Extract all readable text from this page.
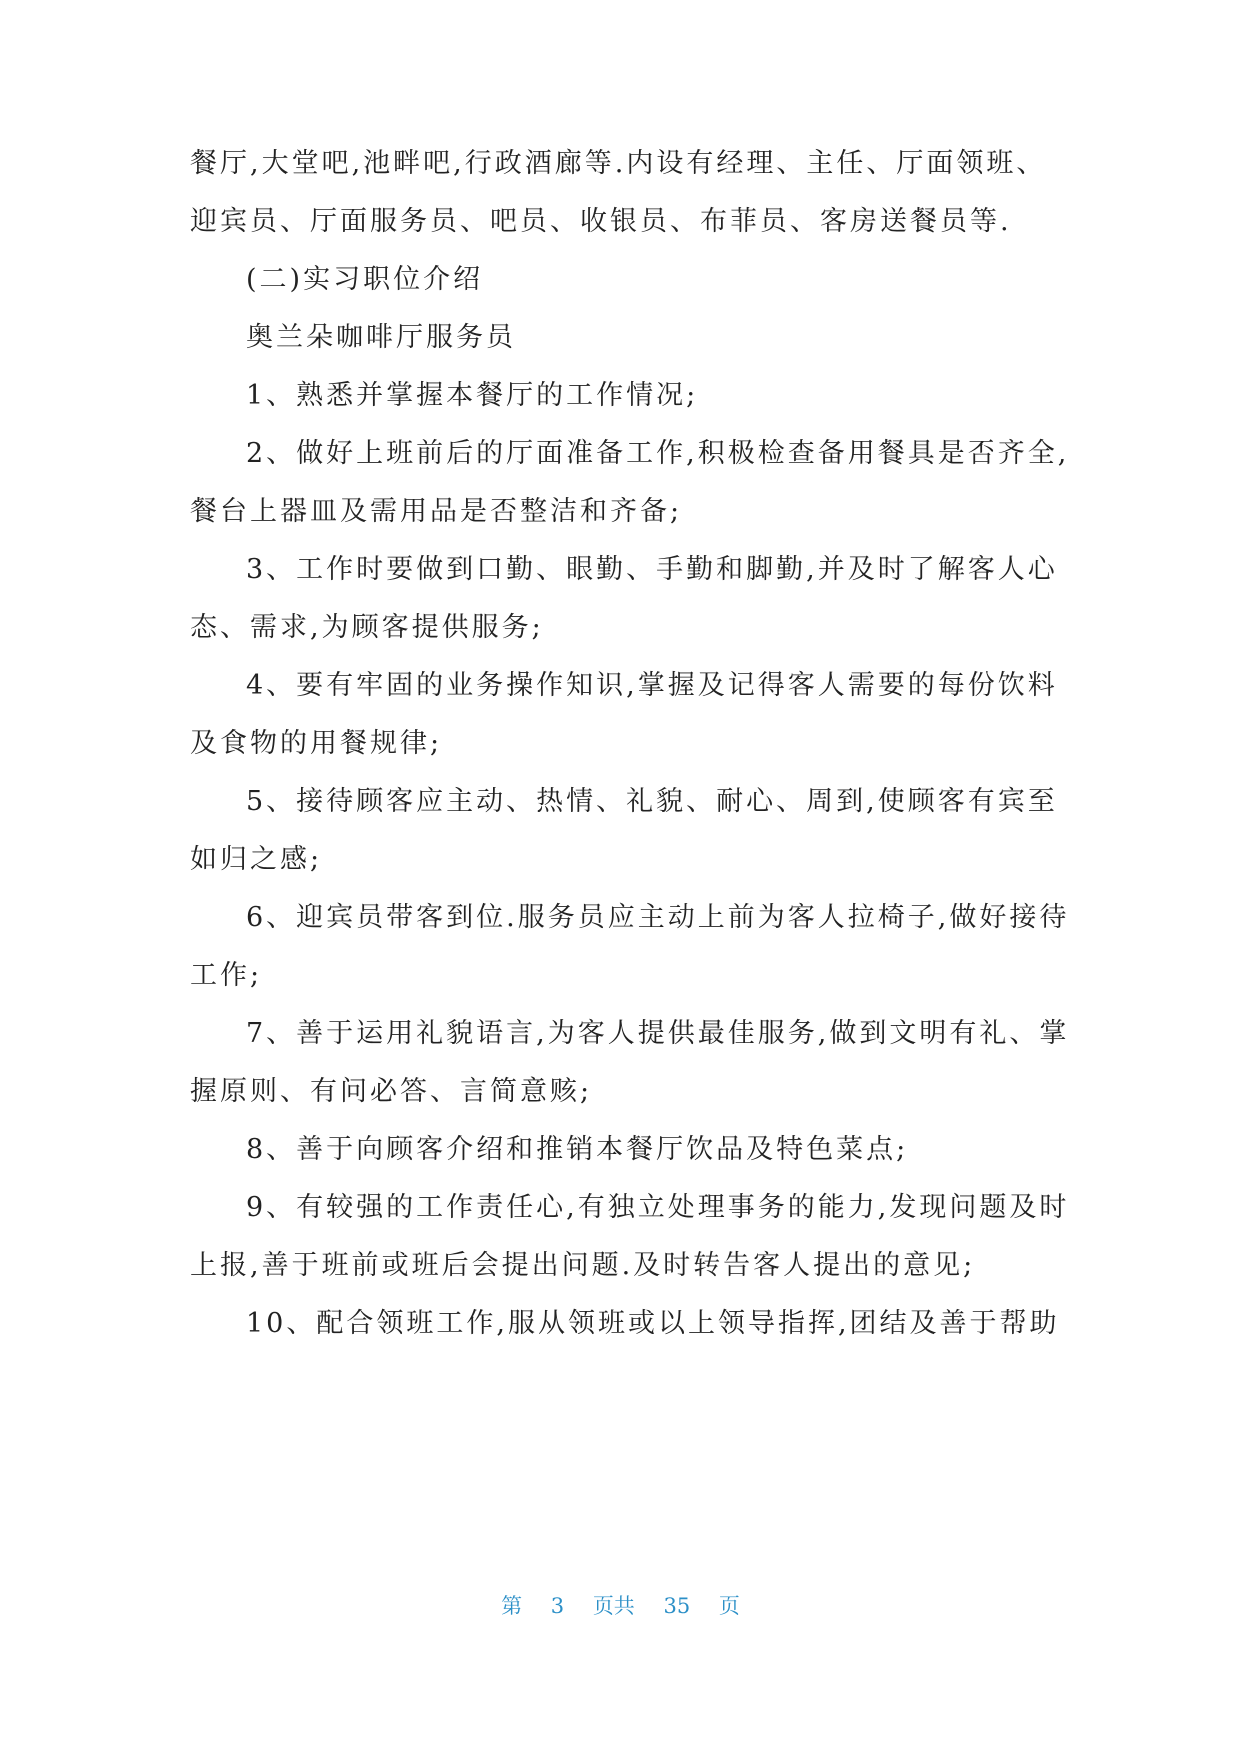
餐厅,大堂吧,池畔吧,行政酒廊等.内设有经理、主任、厅面领班、
迎宾员、厅面服务员、吧员、收银员、布菲员、客房送餐员等.
(二)实习职位介绍
奥兰朵咖啡厅服务员
1、熟悉并掌握本餐厅的工作情况;
2、做好上班前后的厅面准备工作,积极检查备用餐具是否齐全,
餐台上器皿及需用品是否整洁和齐备;
3、工作时要做到口勤、眼勤、手勤和脚勤,并及时了解客人心
态、需求,为顾客提供服务;
4、要有牢固的业务操作知识,掌握及记得客人需要的每份饮料
及食物的用餐规律;
5、接待顾客应主动、热情、礼貌、耐心、周到,使顾客有宾至
如归之感;
6、迎宾员带客到位.服务员应主动上前为客人拉椅子,做好接待
工作;
7、善于运用礼貌语言,为客人提供最佳服务,做到文明有礼、掌
握原则、有问必答、言简意赅;
8、善于向顾客介绍和推销本餐厅饮品及特色菜点;
9、有较强的工作责任心,有独立处理事务的能力,发现问题及时
上报,善于班前或班后会提出问题.及时转告客人提出的意见;
10、配合领班工作,服从领班或以上领导指挥,团结及善于帮助
第 3 页共 35 页
